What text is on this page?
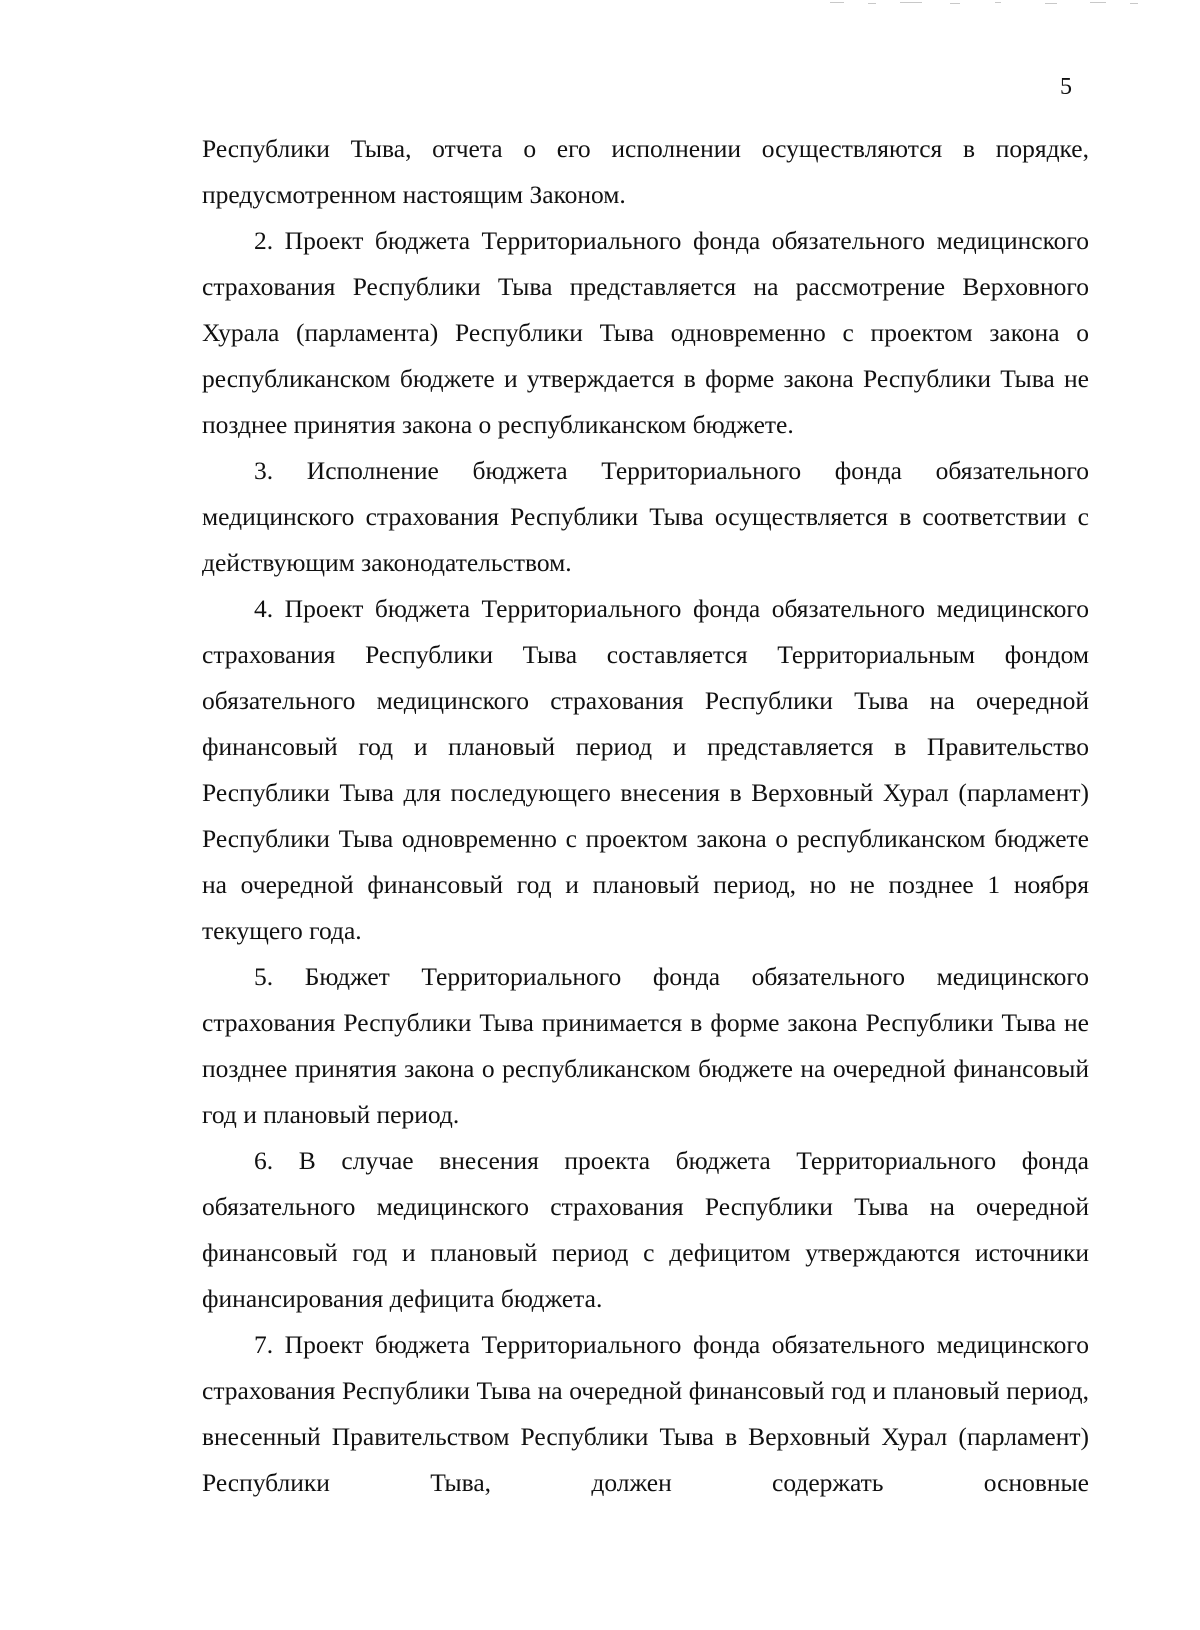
5

Республики Тыва, отчета о его исполнении осуществляются в порядке, предусмотренном настоящим Законом.

2. Проект бюджета Территориального фонда обязательного медицинского страхования Республики Тыва представляется на рассмотрение Верховного Хурала (парламента) Республики Тыва одновременно с проектом закона о республиканском бюджете и утверждается в форме закона Республики Тыва не позднее принятия закона о республиканском бюджете.

3. Исполнение бюджета Территориального фонда обязательного медицинского страхования Республики Тыва осуществляется в соответствии с действующим законодательством.

4. Проект бюджета Территориального фонда обязательного медицинского страхования Республики Тыва составляется Территориальным фондом обязательного медицинского страхования Республики Тыва на очередной финансовый год и плановый период и представляется в Правительство Республики Тыва для последующего внесения в Верховный Хурал (парламент) Республики Тыва одновременно с проектом закона о республиканском бюджете на очередной финансовый год и плановый период, но не позднее 1 ноября текущего года.

5. Бюджет Территориального фонда обязательного медицинского страхования Республики Тыва принимается в форме закона Республики Тыва не позднее принятия закона о республиканском бюджете на очередной финансовый год и плановый период.

6. В случае внесения проекта бюджета Территориального фонда обязательного медицинского страхования Республики Тыва на очередной финансовый год и плановый период с дефицитом утверждаются источники финансирования дефицита бюджета.

7. Проект бюджета Территориального фонда обязательного медицинского страхования Республики Тыва на очередной финансовый год и плановый период, внесенный Правительством Республики Тыва в Верховный Хурал (парламент) Республики Тыва, должен содержать основные
